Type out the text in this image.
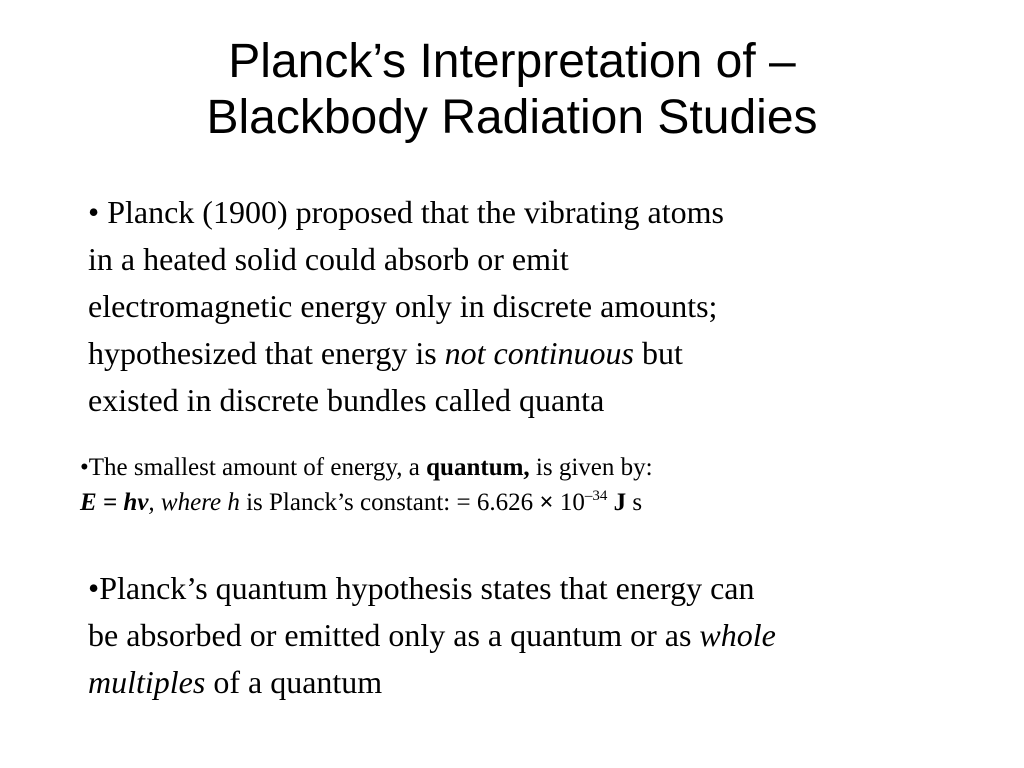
Planck’s Interpretation of –
Blackbody Radiation Studies
• Planck (1900) proposed that the vibrating atoms
in a heated solid could absorb or emit
electromagnetic energy only in discrete amounts;
hypothesized that energy is not continuous but
existed in discrete bundles called quanta
•The smallest amount of energy, a quantum, is given by:
E = hν, where h is Planck’s constant: = $6.626 \times 10^{-34}$ J s
•Planck’s quantum hypothesis states that energy can
be absorbed or emitted only as a quantum or as whole
multiples of a quantum
